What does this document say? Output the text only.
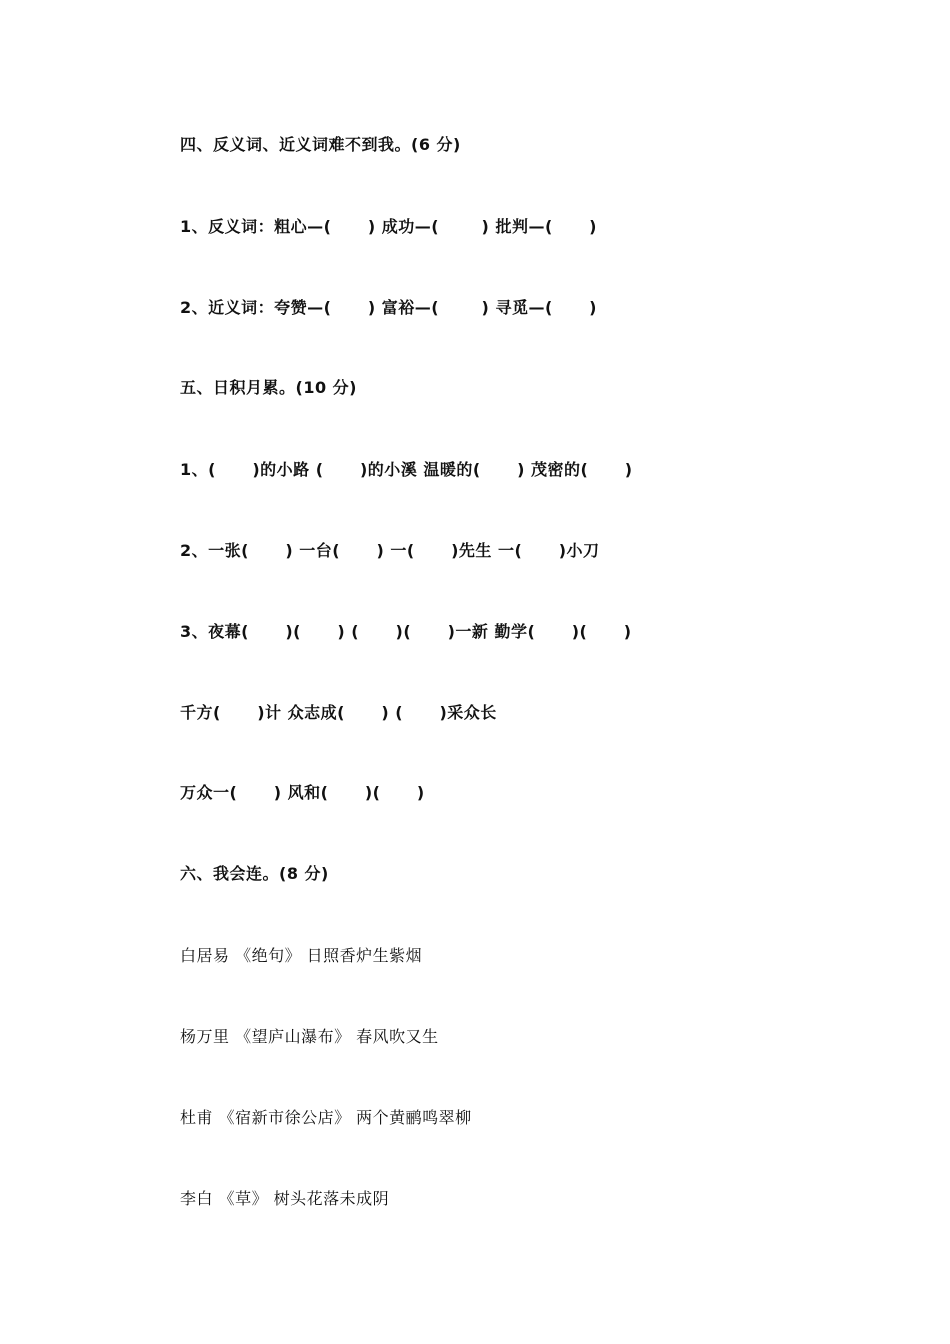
四、反义词、近义词难不到我。(6 分)
1、反义词：粗心—(      ) 成功—(       ) 批判—(      )
2、近义词：夸赞—(      ) 富裕—(       ) 寻觅—(      )
五、日积月累。(10 分)
1、(      )的小路 (      )的小溪 温暖的(      ) 茂密的(      )
2、一张(      ) 一台(      ) 一(      )先生 一(      )小刀
3、夜幕(      )(      ) (      )(      )一新 勤学(      )(      )
千方(      )计 众志成(      ) (      )采众长
万众一(      ) 风和(      )(      )
六、我会连。(8 分)
白居易 《绝句》 日照香炉生紫烟
杨万里 《望庐山瀑布》 春风吹又生
杜甫 《宿新市徐公店》 两个黄鹂鸣翠柳
李白 《草》 树头花落未成阴
